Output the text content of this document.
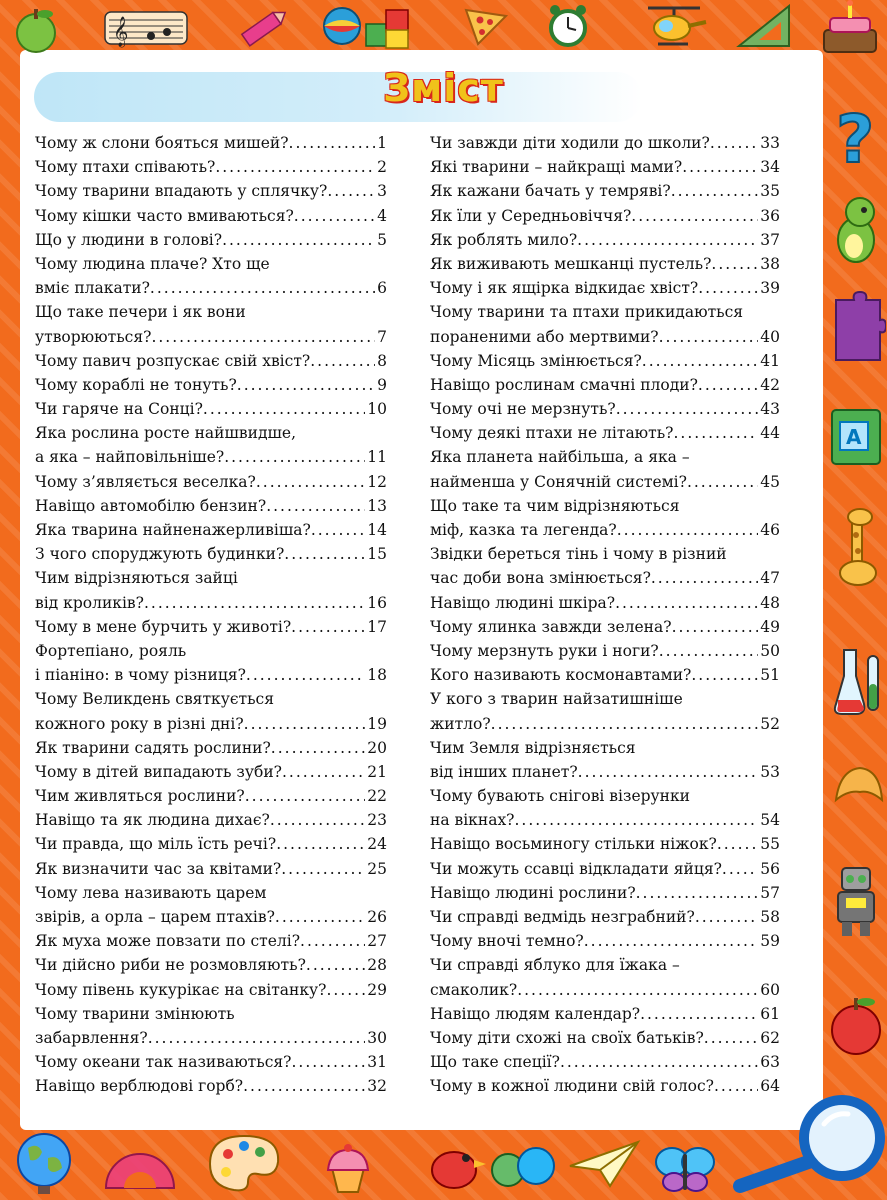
Зміст
Чому ж слони бояться мишей? .....	1
Чому птахи співають? .....	2
Чому тварини впадають у сплячку? .....	3
Чому кішки часто вмиваються? .....	4
Що у людини в голові? .....	5
Чому людина плаче? Хто ще
вміє плакати? .....	6
Що таке печери і як вони
утворюються? .....	7
Чому павич розпускає свій хвіст? .....	8
Чому кораблі не тонуть? .....	9
Чи гаряче на Сонці? .....	10
Яка рослина росте найшвидше,
а яка – найповільніше? .....	11
Чому з’являється веселка? .....	12
Навіщо автомобілю бензин? .....	13
Яка тварина найненажерливіша? .....	14
З чого споруджують будинки? .....	15
Чим відрізняються зайці
від кроликів? .....	16
Чому в мене бурчить у животі? .....	17
Фортепіано, рояль
і піаніно: в чому різниця? .....	18
Чому Великдень святкується
кожного року в різні дні? .....	19
Як тварини садять рослини? .....	20
Чому в дітей випадають зуби? .....	21
Чим живляться рослини? .....	22
Навіщо та як людина дихає? .....	23
Чи правда, що міль їсть речі? .....	24
Як визначити час за квітами? .....	25
Чому лева називають царем
звірів, а орла – царем птахів? .....	26
Як муха може повзати по стелі? .....	27
Чи дійсно риби не розмовляють? .....	28
Чому півень кукурікає на світанку? .....	29
Чому тварини змінюють
забарвлення? .....	30
Чому океани так називаються? .....	31
Навіщо верблюдові горб? .....	32
Чи завжди діти ходили до школи? .....	33
Які тварини – найкращі мами? .....	34
Як кажани бачать у темряві? .....	35
Як їли у Середньовіччя? .....	36
Як роблять мило? .....	37
Як виживають мешканці пустель? .....	38
Чому і як ящірка відкидає хвіст? .....	39
Чому тварини та птахи прикидаються
пораненими або мертвими? .....	40
Чому Місяць змінюється? .....	41
Навіщо рослинам смачні плоди? .....	42
Чому очі не мерзнуть? .....	43
Чому деякі птахи не літають? .....	44
Яка планета найбільша, а яка –
найменша у Сонячній системі? .....	45
Що таке та чим відрізняються
міф, казка та легенда? .....	46
Звідки береться тінь і чому в різний
час доби вона змінюється? .....	47
Навіщо людині шкіра? .....	48
Чому ялинка завжди зелена? .....	49
Чому мерзнуть руки і ноги? .....	50
Кого називають космонавтами? .....	51
У кого з тварин найзатишніше
житло? .....	52
Чим Земля відрізняється
від інших планет? .....	53
Чому бувають снігові візерунки
на вікнах? .....	54
Навіщо восьминогу стільки ніжок? .....	55
Чи можуть ссавці відкладати яйця? ..... 56
Навіщо людині рослини? .....	57
Чи справді ведмідь незграбний? .....	58
Чому вночі темно? .....	59
Чи справді яблуко для їжака –
смаколик? .....	60
Навіщо людям календар? .....	61
Чому діти схожі на своїх батьків? .....	62
Що таке спеції? .....	63
Чому в кожної людини свій голос? .....	64
𝄞
?
A
